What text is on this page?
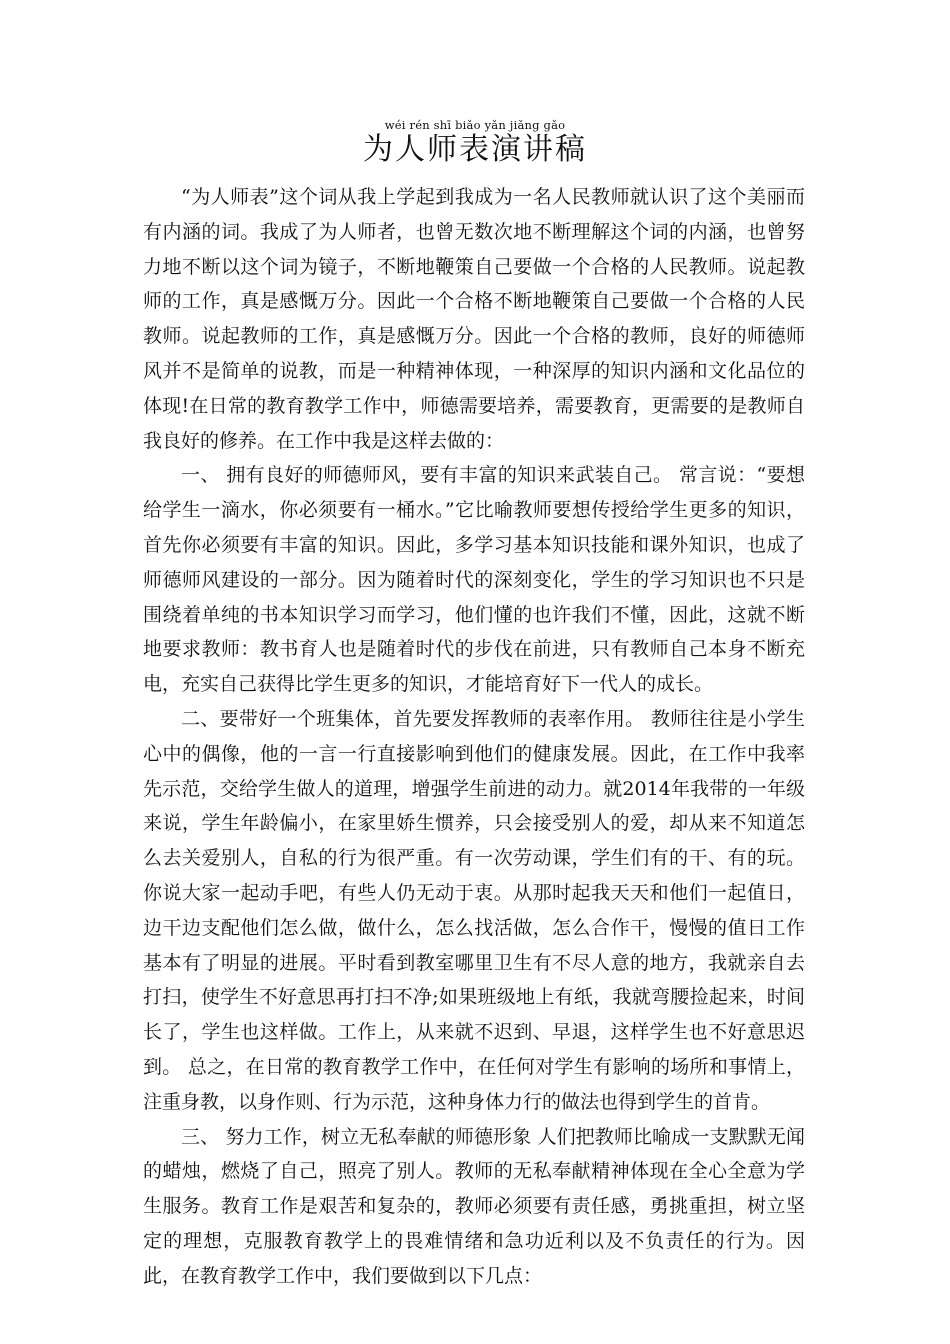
wéi rén shī biǎo yǎn jiǎng gǎo
为人师表演讲稿

“为人师表”这个词从我上学起到我成为一名人民教师就认识了这个美丽而有内涵的词。我成了为人师者，也曾无数次地不断理解这个词的内涵，也曾努力地不断以这个词为镜子，不断地鞭策自己要做一个合格的人民教师。说起教师的工作，真是感慨万分。因此一个合格不断地鞭策自己要做一个合格的人民教师。说起教师的工作，真是感慨万分。因此一个合格的教师，良好的师德师风并不是简单的说教，而是一种精神体现，一种深厚的知识内涵和文化品位的体现!在日常的教育教学工作中，师德需要培养，需要教育，更需要的是教师自我良好的修养。在工作中我是这样去做的：

一、 拥有良好的师德师风，要有丰富的知识来武装自己。 常言说：“要想给学生一滴水，你必须要有一桶水。”它比喻教师要想传授给学生更多的知识，首先你必须要有丰富的知识。因此，多学习基本知识技能和课外知识，也成了师德师风建设的一部分。因为随着时代的深刻变化，学生的学习知识也不只是围绕着单纯的书本知识学习而学习，他们懂的也许我们不懂，因此，这就不断地要求教师：教书育人也是随着时代的步伐在前进，只有教师自己本身不断充电，充实自己获得比学生更多的知识，才能培育好下一代人的成长。

二、要带好一个班集体，首先要发挥教师的表率作用。 教师往往是小学生心中的偶像，他的一言一行直接影响到他们的健康发展。因此，在工作中我率先示范，交给学生做人的道理，增强学生前进的动力。就2014年我带的一年级来说，学生年龄偏小，在家里娇生惯养，只会接受别人的爱，却从来不知道怎么去关爱别人，自私的行为很严重。有一次劳动课，学生们有的干、有的玩。你说大家一起动手吧，有些人仍无动于衷。从那时起我天天和他们一起值日，边干边支配他们怎么做，做什么，怎么找活做，怎么合作干，慢慢的值日工作基本有了明显的进展。平时看到教室哪里卫生有不尽人意的地方，我就亲自去打扫，使学生不好意思再打扫不净;如果班级地上有纸，我就弯腰捡起来，时间长了，学生也这样做。工作上，从来就不迟到、早退，这样学生也不好意思迟到。 总之，在日常的教育教学工作中，在任何对学生有影响的场所和事情上，注重身教，以身作则、行为示范，这种身体力行的做法也得到学生的首肯。

三、 努力工作，树立无私奉献的师德形象 人们把教师比喻成一支默默无闻的蜡烛，燃烧了自己，照亮了别人。教师的无私奉献精神体现在全心全意为学生服务。教育工作是艰苦和复杂的，教师必须要有责任感，勇挑重担，树立坚定的理想，克服教育教学上的畏难情绪和急功近利以及不负责任的行为。因此，在教育教学工作中，我们要做到以下几点：
